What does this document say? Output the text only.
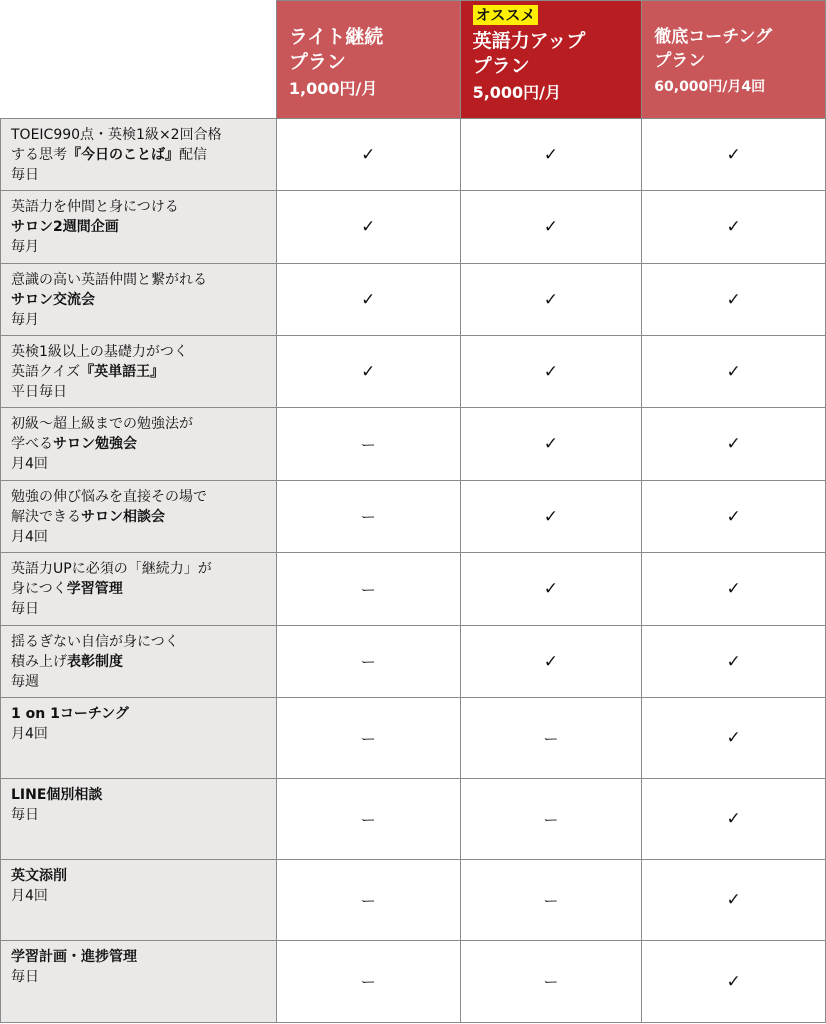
	ライト継続
プラン
1,000円/月	オススメ
英語力アップ
プラン
5,000円/月	徹底コーチング
プラン
60,000円/月4回

TOEIC990点・英検1級×2回合格
する思考『今日のことば』配信
毎日	✓	✓	✓

英語力を仲間と身につける
サロン2週間企画
毎月	✓	✓	✓

意識の高い英語仲間と繋がれる
サロン交流会
毎月	✓	✓	✓

英検1級以上の基礎力がつく
英語クイズ『英単語王』
平日毎日	✓	✓	✓

初級〜超上級までの勉強法が
学べるサロン勉強会
月4回	ー	✓	✓

勉強の伸び悩みを直接その場で
解決できるサロン相談会
月4回	ー	✓	✓

英語力UPに必須の「継続力」が
身につく学習管理
毎日	ー	✓	✓

揺るぎない自信が身につく
積み上げ表彰制度
毎週	ー	✓	✓

1 on 1コーチング
月4回	ー	ー	✓

LINE個別相談
毎日	ー	ー	✓

英文添削
月4回	ー	ー	✓

学習計画・進捗管理
毎日	ー	ー	✓
